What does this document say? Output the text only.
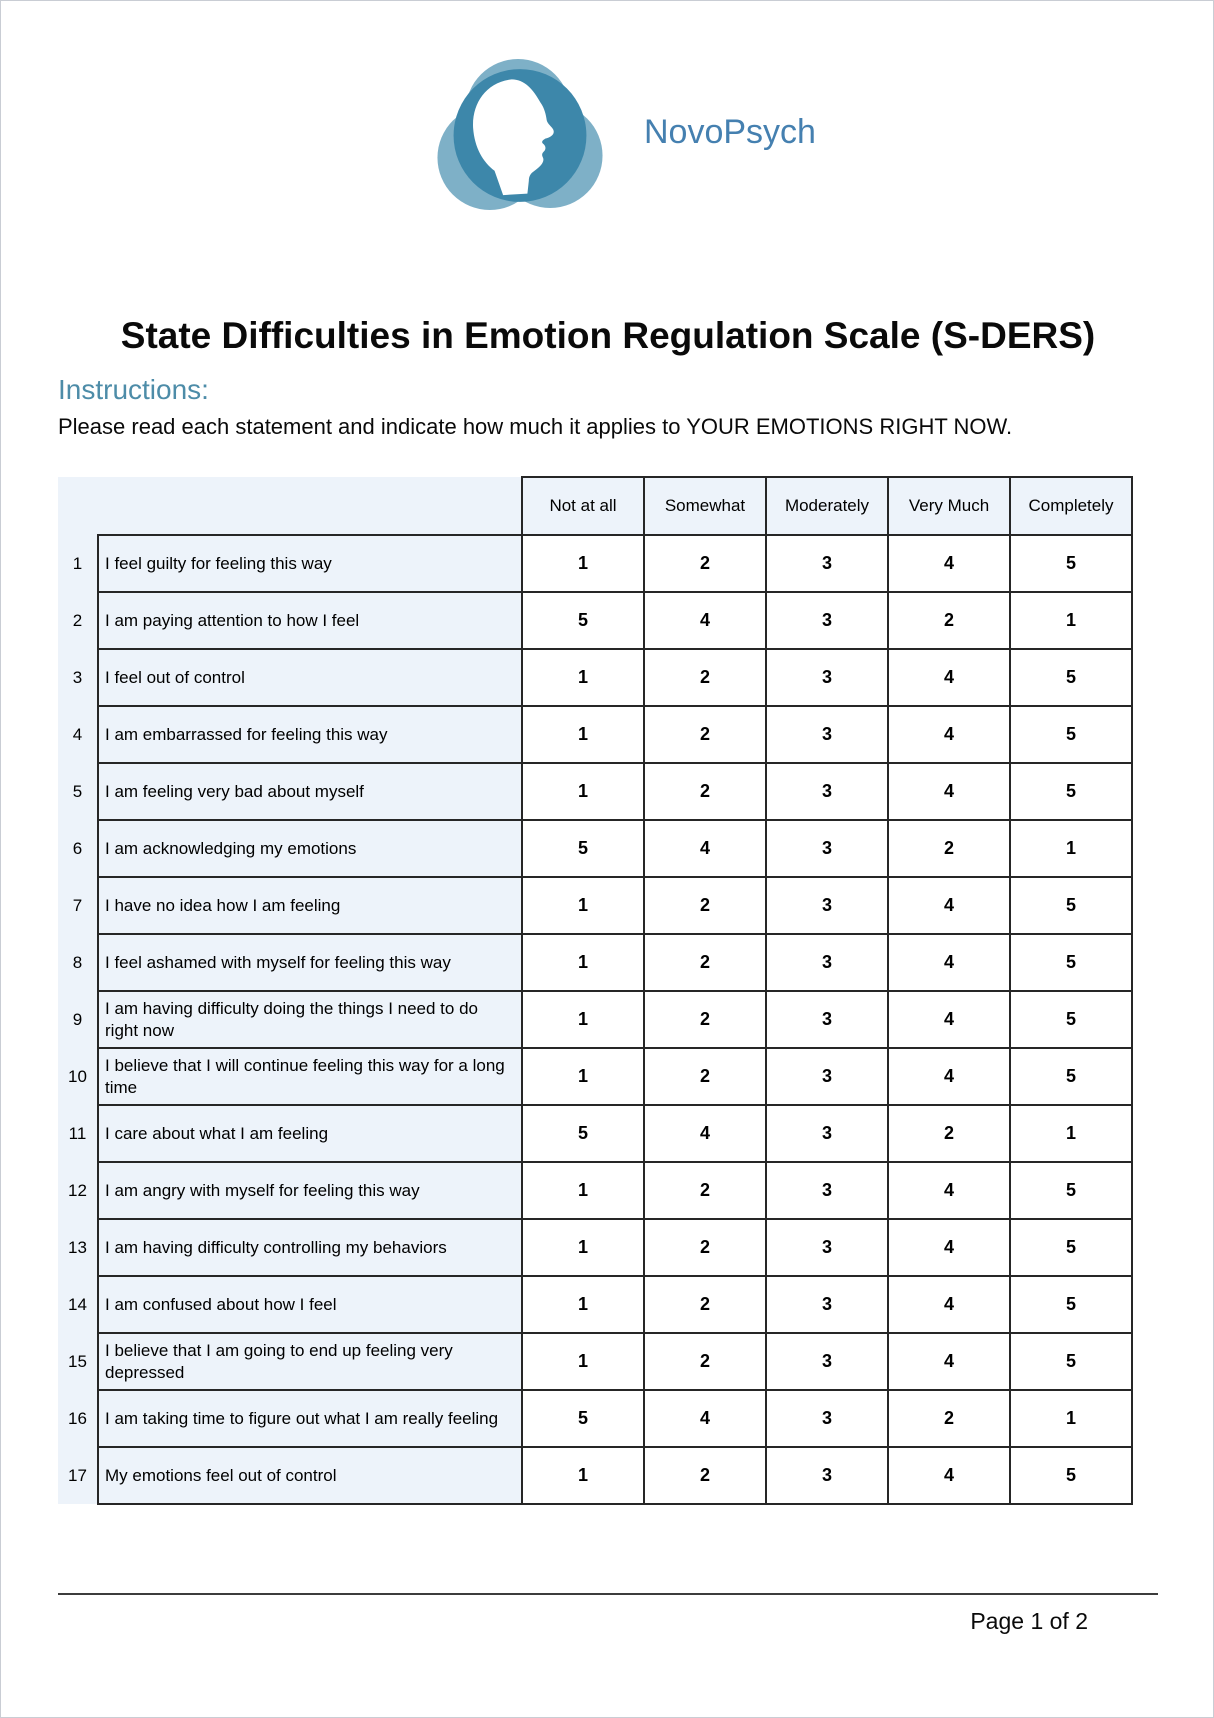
NovoPsych
State Difficulties in Emotion Regulation Scale (S-DERS)
Instructions:
Please read each statement and indicate how much it applies to YOUR EMOTIONS RIGHT NOW.
		Not at all	Somewhat	Moderately	Very Much	Completely
1	I feel guilty for feeling this way	1	2	3	4	5
2	I am paying attention to how I feel	5	4	3	2	1
3	I feel out of control	1	2	3	4	5
4	I am embarrassed for feeling this way	1	2	3	4	5
5	I am feeling very bad about myself	1	2	3	4	5
6	I am acknowledging my emotions	5	4	3	2	1
7	I have no idea how I am feeling	1	2	3	4	5
8	I feel ashamed with myself for feeling this way	1	2	3	4	5
9	I am having difficulty doing the things I need to do right now	1	2	3	4	5
10	I believe that I will continue feeling this way for a long time	1	2	3	4	5
11	I care about what I am feeling	5	4	3	2	1
12	I am angry with myself for feeling this way	1	2	3	4	5
13	I am having difficulty controlling my behaviors	1	2	3	4	5
14	I am confused about how I feel	1	2	3	4	5
15	I believe that I am going to end up feeling very depressed	1	2	3	4	5
16	I am taking time to figure out what I am really feeling	5	4	3	2	1
17	My emotions feel out of control	1	2	3	4	5
Page 1 of 2
